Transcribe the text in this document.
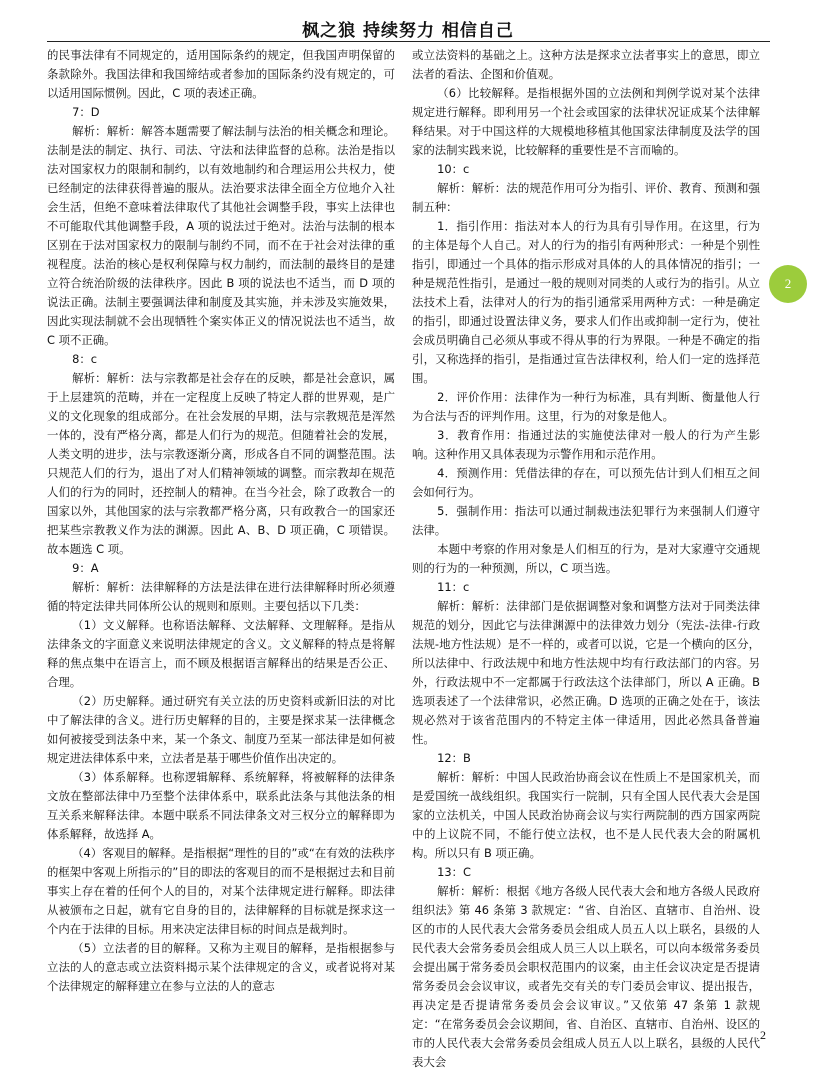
枫之狼 持续努力 相信自己

的民事法律有不同规定的，适用国际条约的规定，但我国声明保留的条款除外。我国法律和我国缔结或者参加的国际条约没有规定的，可以适用国际惯例。因此，C 项的表述正确。

7：D

解析：解析：解答本题需要了解法制与法治的相关概念和理论。法制是法的制定、执行、司法、守法和法律监督的总称。法治是指以法对国家权力的限制和制约，以有效地制约和合理运用公共权力，使已经制定的法律获得普遍的服从。法治要求法律全面全方位地介入社会生活，但绝不意味着法律取代了其他社会调整手段，事实上法律也不可能取代其他调整手段，A 项的说法过于绝对。法治与法制的根本区别在于法对国家权力的限制与制约不同，而不在于社会对法律的重视程度。法治的核心是权利保障与权力制约，而法制的最终目的是建立符合统治阶级的法律秩序。因此 B 项的说法也不适当，而 D 项的说法正确。法制主要强调法律和制度及其实施，并未涉及实施效果，因此实现法制就不会出现牺牲个案实体正义的情况说法也不适当，故 C 项不正确。

8：c

解析：解析：法与宗教都是社会存在的反映，都是社会意识，属于上层建筑的范畴，并在一定程度上反映了特定人群的世界观，是广义的文化现象的组成部分。在社会发展的早期，法与宗教规范是浑然一体的，没有严格分离，都是人们行为的规范。但随着社会的发展，人类文明的进步，法与宗教逐渐分离，形成各自不同的调整范围。法只规范人们的行为，退出了对人们精神领域的调整。而宗教却在规范人们的行为的同时，还控制人的精神。在当今社会，除了政教合一的国家以外，其他国家的法与宗教都严格分离，只有政教合一的国家还把某些宗教教义作为法的渊源。因此 A、B、D 项正确，C 项错误。故本题选 C 项。

9：A

解析：解析：法律解释的方法是法律在进行法律解释时所必须遵循的特定法律共同体所公认的规则和原则。主要包括以下几类：

（1）文义解释。也称语法解释、文法解释、文理解释。是指从法律条文的字面意义来说明法律规定的含义。文义解释的特点是将解释的焦点集中在语言上，而不顾及根据语言解释出的结果是否公正、合理。

（2）历史解释。通过研究有关立法的历史资料或新旧法的对比中了解法律的含义。进行历史解释的目的，主要是探求某一法律概念如何被接受到法条中来，某一个条文、制度乃至某一部法律是如何被规定进法律体系中来，立法者是基于哪些价值作出决定的。

（3）体系解释。也称逻辑解释、系统解释，将被解释的法律条文放在整部法律中乃至整个法律体系中，联系此法条与其他法条的相互关系来解释法律。本题中联系不同法律条文对三权分立的解释即为体系解释，故选择 A。

（4）客观目的解释。是指根据“理性的目的”或“在有效的法秩序的框架中客观上所指示的”目的即法的客观目的而不是根据过去和目前事实上存在着的任何个人的目的，对某个法律规定进行解释。即法律从被颁布之日起，就有它自身的目的，法律解释的目标就是探求这一个内在于法律的目标。用来决定法律目标的时间点是裁判时。

（5）立法者的目的解释。又称为主观目的解释，是指根据参与立法的人的意志或立法资料揭示某个法律规定的含义，或者说将对某个法律规定的解释建立在参与立法的人的意志

或立法资料的基础之上。这种方法是探求立法者事实上的意思，即立法者的看法、企图和价值观。

（6）比较解释。是指根据外国的立法例和判例学说对某个法律规定进行解释。即利用另一个社会或国家的法律状况证成某个法律解释结果。对于中国这样的大规模地移植其他国家法律制度及法学的国家的法制实践来说，比较解释的重要性是不言而喻的。

10：c

解析：解析：法的规范作用可分为指引、评价、教育、预测和强制五种：

1．指引作用：指法对本人的行为具有引导作用。在这里，行为的主体是每个人自己。对人的行为的指引有两种形式：一种是个别性指引，即通过一个具体的指示形成对具体的人的具体情况的指引；一种是规范性指引，是通过一般的规则对同类的人或行为的指引。从立法技术上看，法律对人的行为的指引通常采用两种方式：一种是确定的指引，即通过设置法律义务，要求人们作出或抑制一定行为，使社会成员明确自己必须从事或不得从事的行为界限。一种是不确定的指引，又称选择的指引，是指通过宣告法律权利，给人们一定的选择范围。

2．评价作用：法律作为一种行为标准，具有判断、衡量他人行为合法与否的评判作用。这里，行为的对象是他人。

3．教育作用：指通过法的实施使法律对一般人的行为产生影响。这种作用又具体表现为示警作用和示范作用。

4．预测作用：凭借法律的存在，可以预先估计到人们相互之间会如何行为。

5．强制作用：指法可以通过制裁违法犯罪行为来强制人们遵守法律。

本题中考察的作用对象是人们相互的行为，是对大家遵守交通规则的行为的一种预测，所以，C 项当选。

11：c

解析：解析：法律部门是依据调整对象和调整方法对于同类法律规范的划分，因此它与法律渊源中的法律效力划分（宪法-法律-行政法规-地方性法规）是不一样的，或者可以说，它是一个横向的区分，所以法律中、行政法规中和地方性法规中均有行政法部门的内容。另外，行政法规中不一定都属于行政法这个法律部门，所以 A 正确。B 选项表述了一个法律常识，必然正确。D 选项的正确之处在于，该法规必然对于该省范围内的不特定主体一律适用，因此必然具备普遍性。

12：B

解析：解析：中国人民政治协商会议在性质上不是国家机关，而是爱国统一战线组织。我国实行一院制，只有全国人民代表大会是国家的立法机关，中国人民政治协商会议与实行两院制的西方国家两院中的上议院不同，不能行使立法权，也不是人民代表大会的附属机构。所以只有 B 项正确。

13：C

解析：解析：根据《地方各级人民代表大会和地方各级人民政府组织法》第 46 条第 3 款规定：“省、自治区、直辖市、自治州、设区的市的人民代表大会常务委员会组成人员五人以上联名，县级的人民代表大会常务委员会组成人员三人以上联名，可以向本级常务委员会提出属于常务委员会职权范围内的议案，由主任会议决定是否提请常务委员会会议审议，或者先交有关的专门委员会审议、提出报告，再决定是否提请常务委员会会议审议。”又依第 47 条第 1 款规定：“在常务委员会会议期间，省、自治区、直辖市、自治州、设区的市的人民代表大会常务委员会组成人员五人以上联名，县级的人民代表大会

2
2
